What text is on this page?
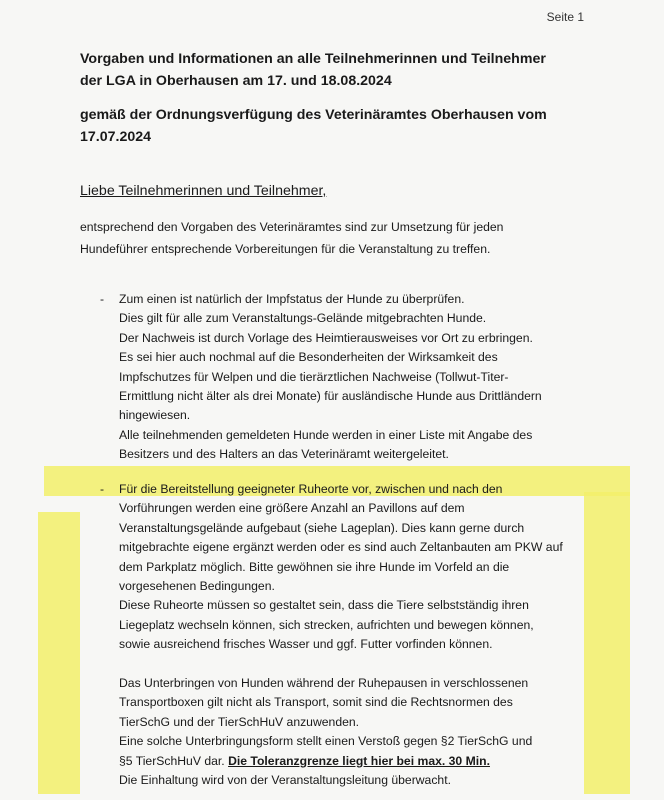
Seite 1
Vorgaben und Informationen an alle Teilnehmerinnen und Teilnehmer
der LGA in Oberhausen am 17. und 18.08.2024
gemäß der Ordnungsverfügung des Veterinäramtes Oberhausen vom
17.07.2024

Liebe Teilnehmerinnen und Teilnehmer,

entsprechend den Vorgaben des Veterinäramtes sind zur Umsetzung für jeden
Hundeführer entsprechende Vorbereitungen für die Veranstaltung zu treffen.

- Zum einen ist natürlich der Impfstatus der Hunde zu überprüfen.
Dies gilt für alle zum Veranstaltungs-Gelände mitgebrachten Hunde.
Der Nachweis ist durch Vorlage des Heimtierausweises vor Ort zu erbringen.
Es sei hier auch nochmal auf die Besonderheiten der Wirksamkeit des
Impfschutzes für Welpen und die tierärztlichen Nachweise (Tollwut-Titer-
Ermittlung nicht älter als drei Monate) für ausländische Hunde aus Drittländern
hingewiesen.
Alle teilnehmenden gemeldeten Hunde werden in einer Liste mit Angabe des
Besitzers und des Halters an das Veterinäramt weitergeleitet.
- Für die Bereitstellung geeigneter Ruheorte vor, zwischen und nach den
Vorführungen werden eine größere Anzahl an Pavillons auf dem
Veranstaltungsgelände aufgebaut (siehe Lageplan). Dies kann gerne durch
mitgebrachte eigene ergänzt werden oder es sind auch Zeltanbauten am PKW auf
dem Parkplatz möglich. Bitte gewöhnen sie ihre Hunde im Vorfeld an die
vorgesehenen Bedingungen.
Diese Ruheorte müssen so gestaltet sein, dass die Tiere selbstständig ihren
Liegeplatz wechseln können, sich strecken, aufrichten und bewegen können,
sowie ausreichend frisches Wasser und ggf. Futter vorfinden können.
Das Unterbringen von Hunden während der Ruhepausen in verschlossenen
Transportboxen gilt nicht als Transport, somit sind die Rechtsnormen des
TierSchG und der TierSchHuV anzuwenden.
Eine solche Unterbringungsform stellt einen Verstoß gegen §2 TierSchG und
§5 TierSchHuV dar. Die Toleranzgrenze liegt hier bei max. 30 Min.
Die Einhaltung wird von der Veranstaltungsleitung überwacht.
